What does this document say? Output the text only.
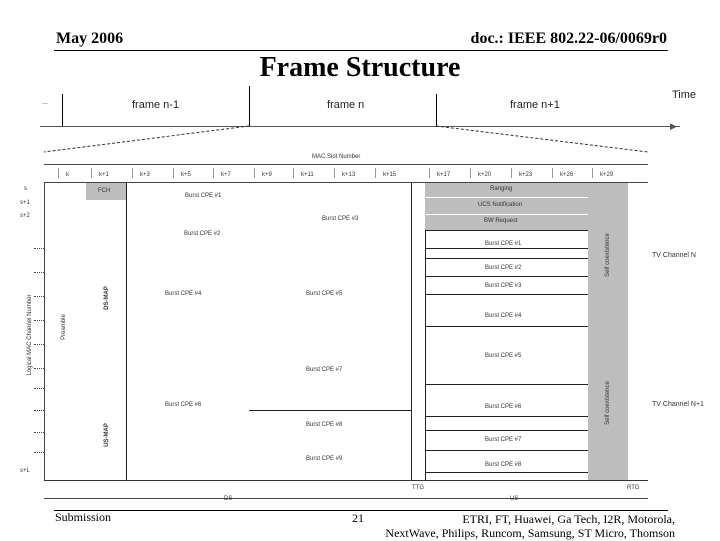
May 2006	doc.: IEEE 802.22-06/0069r0
Frame Structure
...
▶
frame n-1	frame n	frame n+1
Time
MAC Slot Number
k	k+1	k+3	k+5	k+7	k+9	k+11	k+13	k+15	k+17	k+20	k+23	k+26	k+29
Logical MAC Channel Number
s
s+1
s+2
s+L
Preamble
FCH
DS-MAP
US-MAP
Burst CPE #1
Burst CPE #2
Burst CPE #3
Burst CPE #4	Burst CPE #5
Burst CPE #6
Burst CPE #7
Burst CPE #8
Burst CPE #9
Ranging
UCS Notification
BW Request
Self coexistence
Self coexistence
Burst CPE #1
Burst CPE #2
Burst CPE #3
Burst CPE #4
Burst CPE #5
Burst CPE #6
Burst CPE #7
Burst CPE #8
TV Channel N
TV Channel N+1
DS
TTG
US
RTG
Submission	21	ETRI, FT, Huawei, Ga Tech, I2R, Motorola,
NextWave, Philips, Runcom, Samsung, ST Micro, Thomson
